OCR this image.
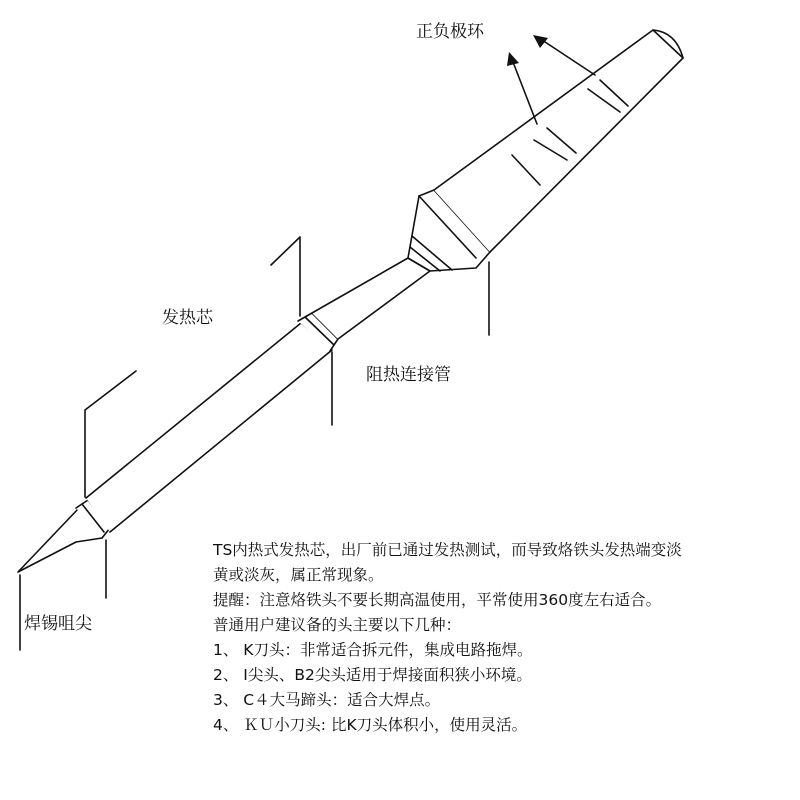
正负极环
发热芯
阻热连接管
焊锡咀尖
TS内热式发热芯，出厂前已通过发热测试，而导致烙铁头发热端变淡
黄或淡灰，属正常现象。
提醒：注意烙铁头不要长期高温使用，平常使用360度左右适合。
普通用户建议备的头主要以下几种：
1、 K刀头：非常适合拆元件，集成电路拖焊。
2、 I尖头、B2尖头适用于焊接面积狭小环境。
3、 C４大马蹄头：适合大焊点。
4、 ＫＵ小刀头: 比K刀头体积小，使用灵活。
